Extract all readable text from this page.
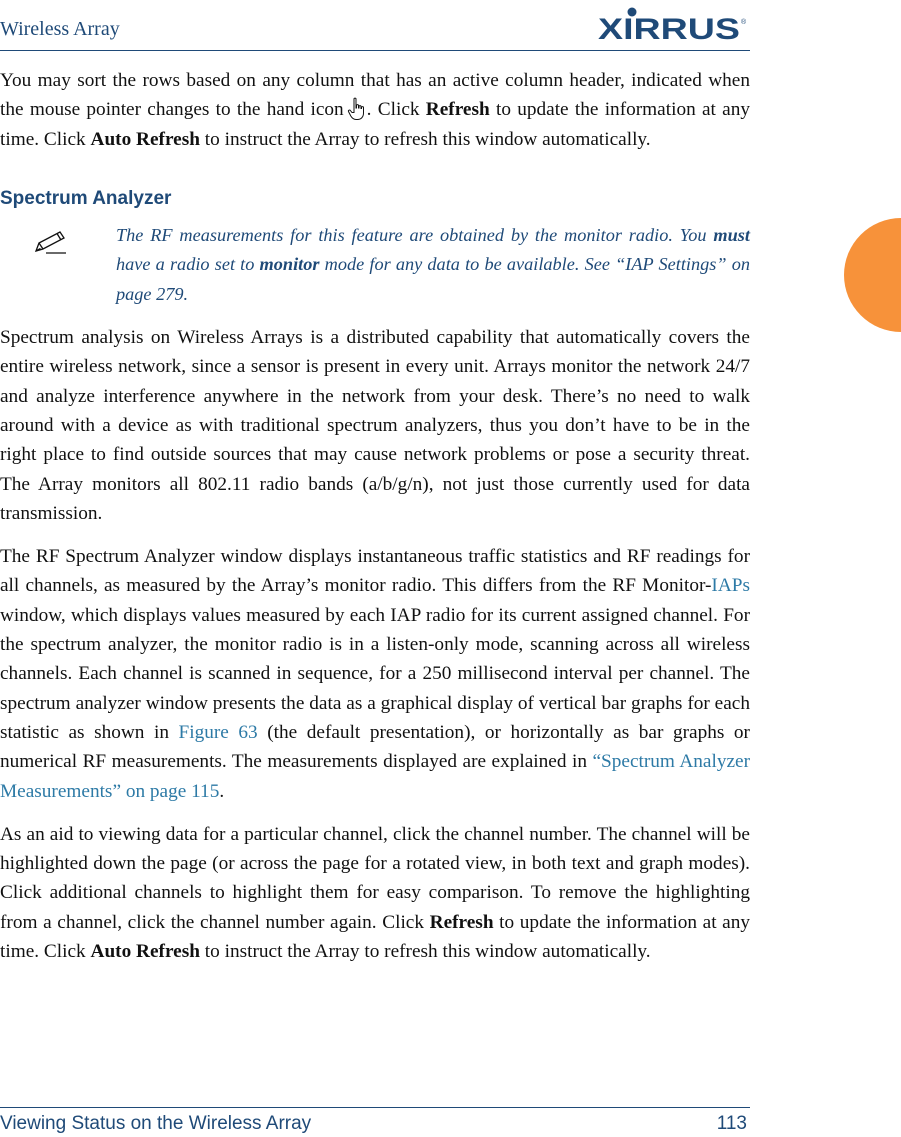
Wireless Array	XIRRUS ®

You may sort the rows based on any column that has an active column header, indicated when the mouse pointer changes to the hand icon . Click Refresh to update the information at any time. Click Auto Refresh to instruct the Array to refresh this window automatically.

Spectrum Analyzer

The RF measurements for this feature are obtained by the monitor radio. You must have a radio set to monitor mode for any data to be available. See “IAP Settings” on page 279.

Spectrum analysis on Wireless Arrays is a distributed capability that automatically covers the entire wireless network, since a sensor is present in every unit. Arrays monitor the network 24/7 and analyze interference anywhere in the network from your desk. There’s no need to walk around with a device as with traditional spectrum analyzers, thus you don’t have to be in the right place to find outside sources that may cause network problems or pose a security threat. The Array monitors all 802.11 radio bands (a/b/g/n), not just those currently used for data transmission.

The RF Spectrum Analyzer window displays instantaneous traffic statistics and RF readings for all channels, as measured by the Array’s monitor radio. This differs from the RF Monitor-IAPs window, which displays values measured by each IAP radio for its current assigned channel. For the spectrum analyzer, the monitor radio is in a listen-only mode, scanning across all wireless channels. Each channel is scanned in sequence, for a 250 millisecond interval per channel. The spectrum analyzer window presents the data as a graphical display of vertical bar graphs for each statistic as shown in Figure 63 (the default presentation), or horizontally as bar graphs or numerical RF measurements. The measurements displayed are explained in “Spectrum Analyzer Measurements” on page 115.

As an aid to viewing data for a particular channel, click the channel number. The channel will be highlighted down the page (or across the page for a rotated view, in both text and graph modes). Click additional channels to highlight them for easy comparison. To remove the highlighting from a channel, click the channel number again. Click Refresh to update the information at any time. Click Auto Refresh to instruct the Array to refresh this window automatically.

Viewing Status on the Wireless Array	113
